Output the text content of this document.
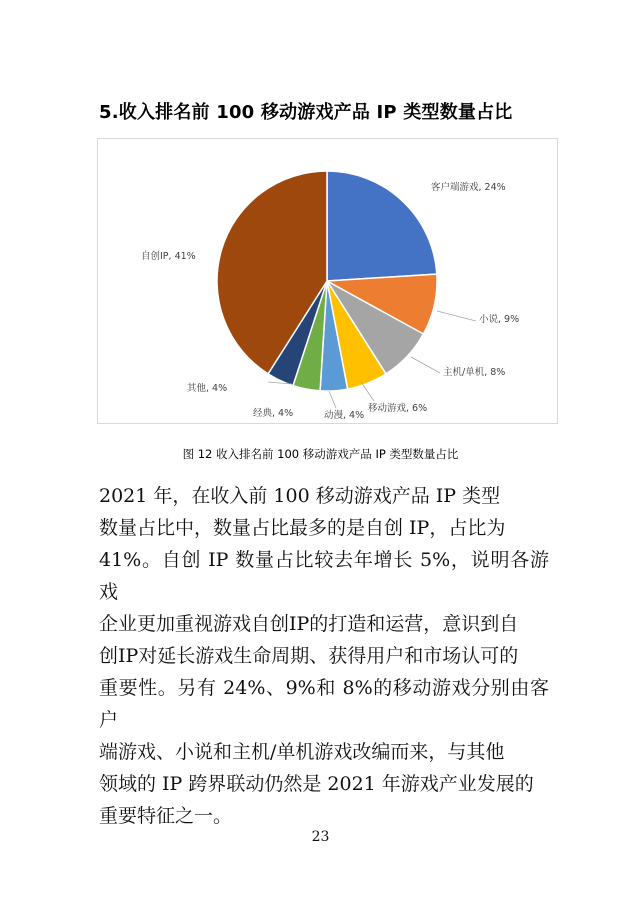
5.收入排名前 100 移动游戏产品 IP 类型数量占比
客户端游戏, 24%
小说, 9%
主机/单机, 8%
移动游戏, 6%
动漫, 4%
经典, 4%
其他, 4%
自创IP, 41%
图 12 收入排名前 100 移动游戏产品 IP 类型数量占比
2021 年，在收入前 100 移动游戏产品 IP 类型
数量占比中，数量占比最多的是自创 IP，占比为
41%。自创 IP 数量占比较去年增长 5%，说明各游戏
企业更加重视游戏自创IP的打造和运营，意识到自
创IP对延长游戏生命周期、获得用户和市场认可的
重要性。另有 24%、9%和 8%的移动游戏分别由客户
端游戏、小说和主机/单机游戏改编而来，与其他
领域的 IP 跨界联动仍然是 2021 年游戏产业发展的
重要特征之一。
23
